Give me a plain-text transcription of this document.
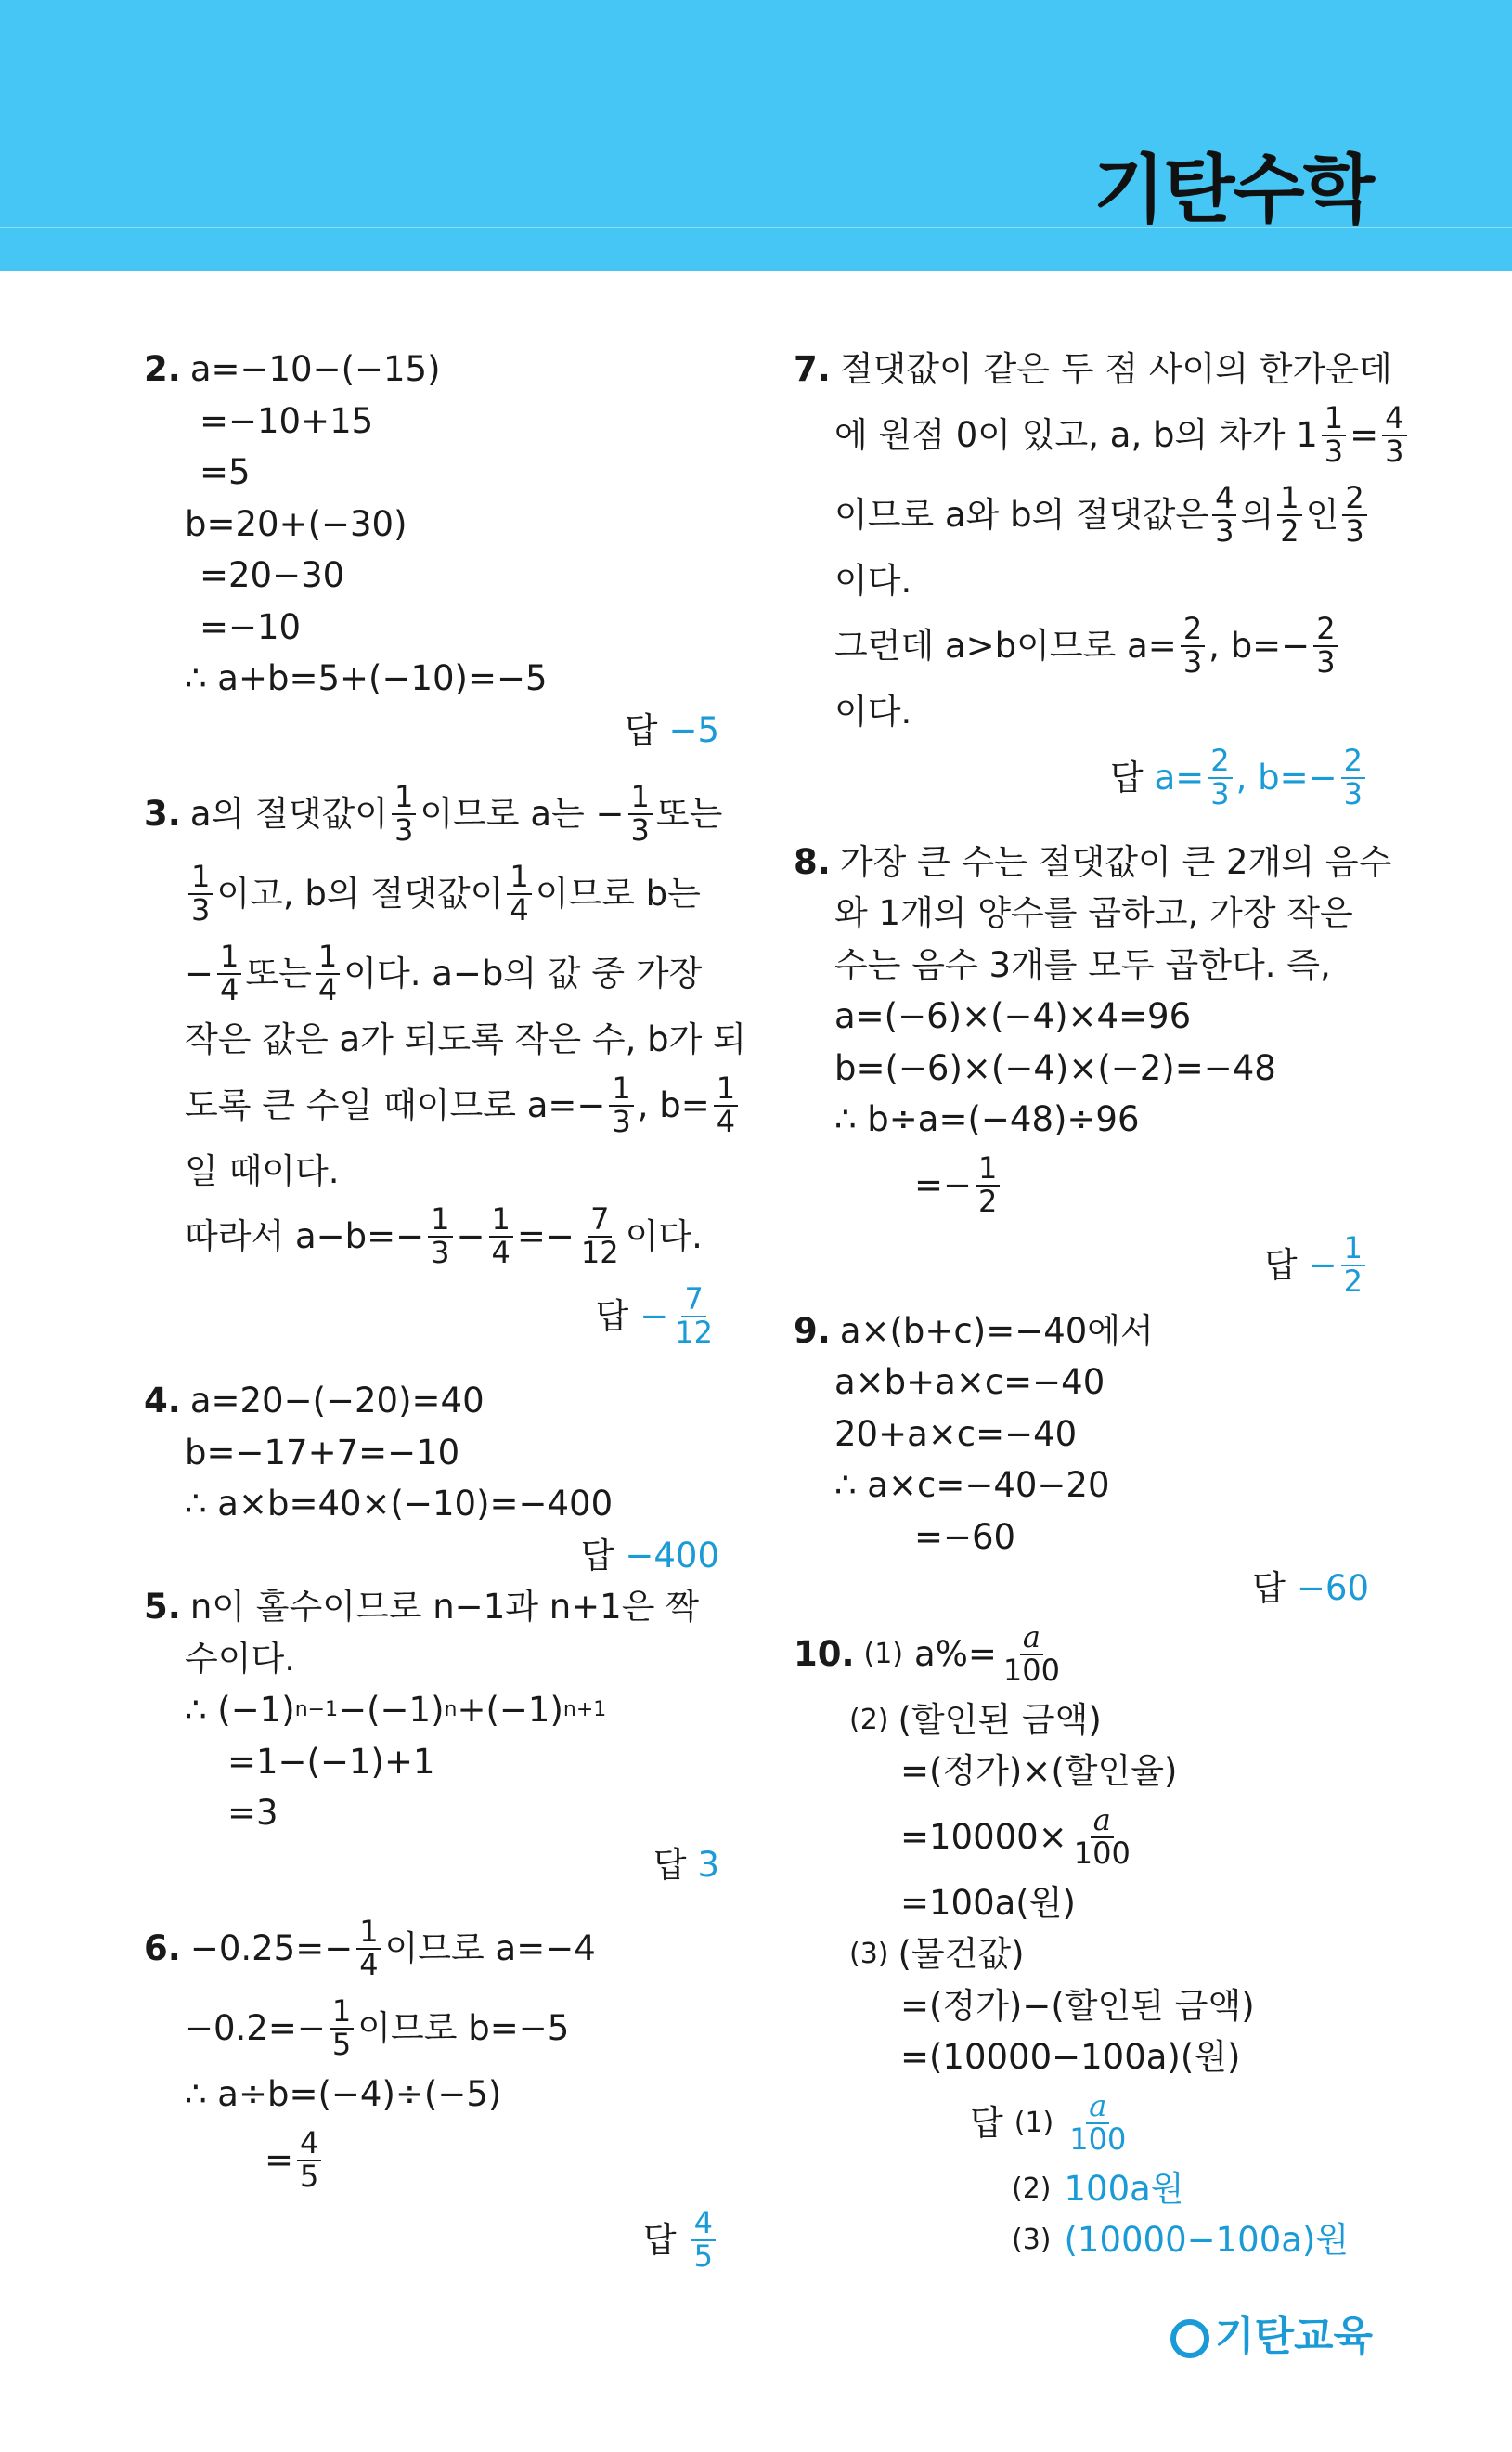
기탄수학
2. a=−10−(−15)
=−10+15
=5
b=20+(−30)
=20−30
=−10
∴ a+b=5+(−10)=−5
답 −5
3. a의 절댓값이 $\frac{1}{3}$ 이므로 a는 − $\frac{1}{3}$ 또는
$\frac{1}{3}$ 이고, b의 절댓값이 $\frac{1}{4}$ 이므로 b는
− $\frac{1}{4}$ 또는 $\frac{1}{4}$ 이다. a−b의 값 중 가장
작은 값은 a가 되도록 작은 수, b가 되
도록 큰 수일 때이므로 $a=- \frac{1}{3}$ , $b= \frac{1}{4}$
일 때이다.
따라서 $a-b=- \frac{1}{3} - \frac{1}{4} =- \frac{7}{12}$ 이다.
답 − $\frac{7}{12}$
4. a=20−(−20)=40
b=−17+7=−10
∴ a×b=40×(−10)=−400
답 −400
5. n이 홀수이므로 n−1과 n+1은 짝
수이다.
∴ (−1) n−1 −(−1) n +(−1) n+1
=1−(−1)+1
=3
답 3
6. $-0.25=- \frac{1}{4}$ 이므로 a=−4
$-0.2=- \frac{1}{5}$ 이므로 b=−5
∴ a÷b=(−4)÷(−5)
= $\frac{4}{5}$
답 $\frac{4}{5}$
7. 절댓값이 같은 두 점 사이의 한가운데
에 원점 0이 있고, a, b의 차가 $1 \frac{1}{3} = \frac{4}{3}$
이므로 a와 b의 절댓값은 $\frac{4}{3}$ 의 $\frac{1}{2}$ 인 $\frac{2}{3}$
이다.
그런데 a>b이므로 $a= \frac{2}{3}$ , $b=- \frac{2}{3}$
이다.
답 $a= \frac{2}{3}$ , $b=- \frac{2}{3}$
8. 가장 큰 수는 절댓값이 큰 2개의 음수
와 1개의 양수를 곱하고, 가장 작은
수는 음수 3개를 모두 곱한다. 즉,
a=(−6)×(−4)×4=96
b=(−6)×(−4)×(−2)=−48
∴ b÷a=(−48)÷96
=− $\frac{1}{2}$
답 − $\frac{1}{2}$
9. a×(b+c)=−40에서
a×b+a×c=−40
20+a×c=−40
∴ a×c=−40−20
=−60
답 −60
10. (1) $a\%= \frac{a}{100}$
(2) (할인된 금액)
=(정가)×(할인율)
$=10000\times \frac{a}{100}$
=100a(원)
(3) (물건값)
=(정가)−(할인된 금액)
=(10000−100a)(원)
답 $(1) \frac{a}{100}$
(2) 100a원
(3) (10000−100a)원
기탄교육
